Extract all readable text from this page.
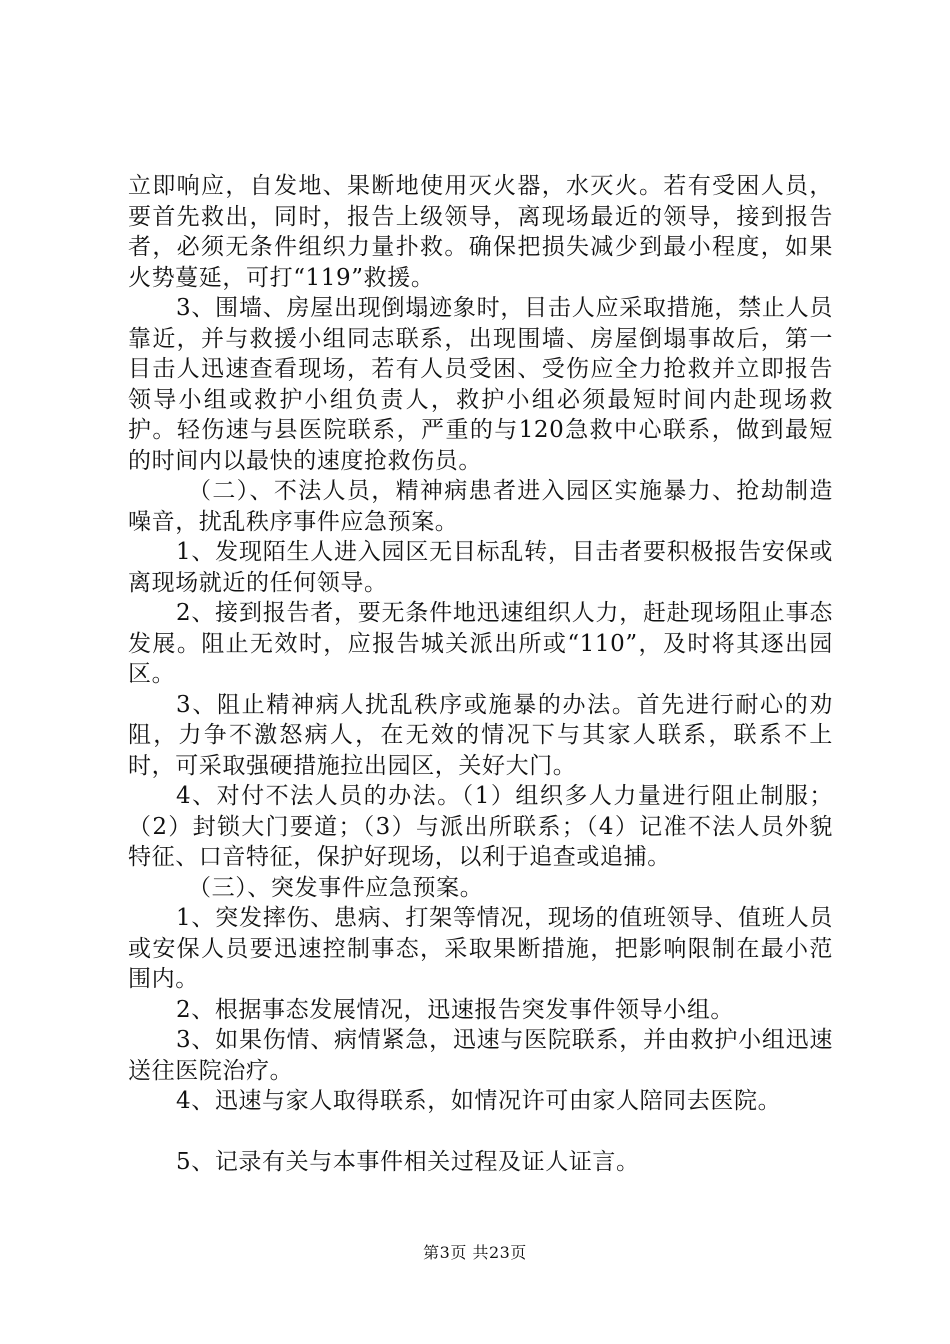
立即响应，自发地、果断地使用灭火器，水灭火。若有受困人员，要首先救出，同时，报告上级领导，离现场最近的领导，接到报告者，必须无条件组织力量扑救。确保把损失减少到最小程度，如果火势蔓延，可打“119”救援。

3、围墙、房屋出现倒塌迹象时，目击人应采取措施，禁止人员靠近，并与救援小组同志联系，出现围墙、房屋倒塌事故后，第一目击人迅速查看现场，若有人员受困、受伤应全力抢救并立即报告领导小组或救护小组负责人，救护小组必须最短时间内赴现场救护。轻伤速与县医院联系，严重的与120急救中心联系，做到最短的时间内以最快的速度抢救伤员。

（二）、不法人员，精神病患者进入园区实施暴力、抢劫制造噪音，扰乱秩序事件应急预案。

1、发现陌生人进入园区无目标乱转，目击者要积极报告安保或离现场就近的任何领导。

2、接到报告者，要无条件地迅速组织人力，赶赴现场阻止事态发展。阻止无效时，应报告城关派出所或“110”，及时将其逐出园区。

3、阻止精神病人扰乱秩序或施暴的办法。首先进行耐心的劝阻，力争不激怒病人，在无效的情况下与其家人联系，联系不上时，可采取强硬措施拉出园区，关好大门。

4、对付不法人员的办法。（1）组织多人力量进行阻止制服；（2）封锁大门要道；（3）与派出所联系；（4）记准不法人员外貌特征、口音特征，保护好现场，以利于追查或追捕。

（三）、突发事件应急预案。

1、突发摔伤、患病、打架等情况，现场的值班领导、值班人员或安保人员要迅速控制事态，采取果断措施，把影响限制在最小范围内。

2、根据事态发展情况，迅速报告突发事件领导小组。

3、如果伤情、病情紧急，迅速与医院联系，并由救护小组迅速送往医院治疗。

4、迅速与家人取得联系，如情况许可由家人陪同去医院。

5、记录有关与本事件相关过程及证人证言。

第3页 共23页
